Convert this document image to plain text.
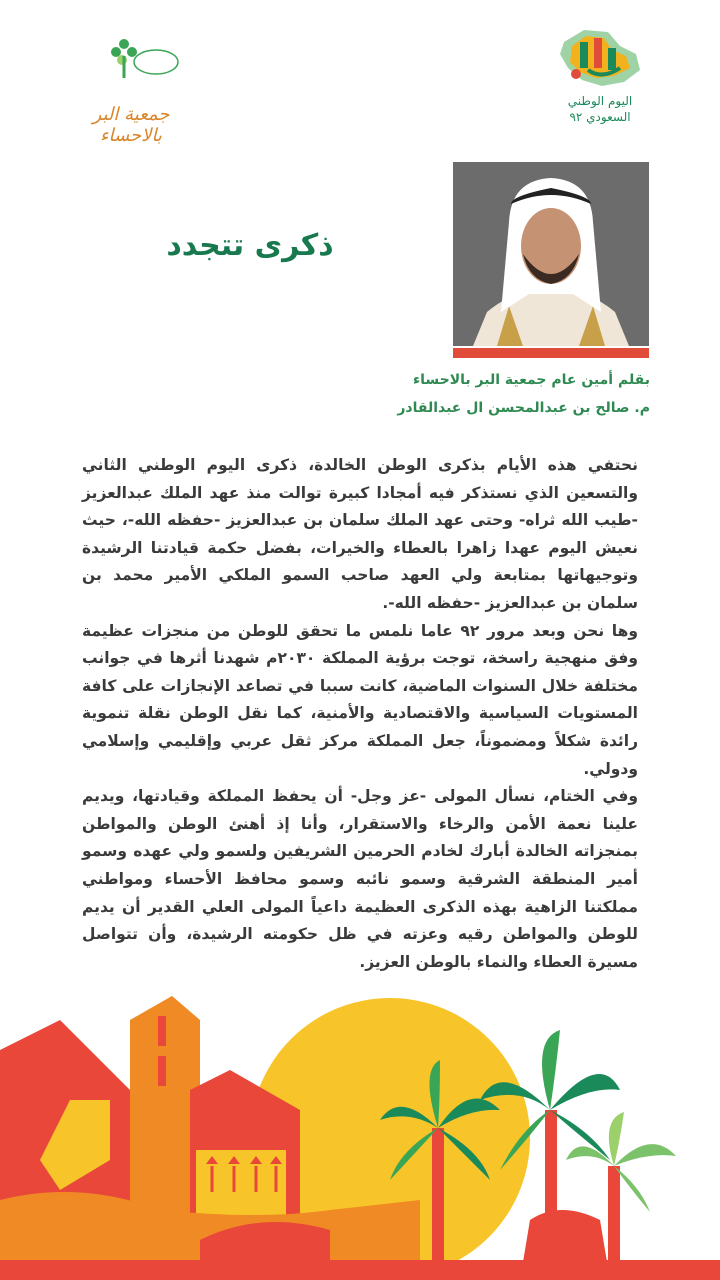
اليوم الوطني
السعودي ٩٢
جمعية البر بالاحساء
ذكرى تتجدد
بقلم أمين عام جمعية البر بالاحساء
م. صالح بن عبدالمحسن ال عبدالقادر

نحتفي هذه الأيام بذكرى الوطن الخالدة، ذكرى اليوم الوطني الثاني والتسعين الذي نستذكر فيه أمجادا كبيرة توالت منذ عهد الملك عبدالعزيز -طيب الله ثراه- وحتى عهد الملك سلمان بن عبدالعزيز -حفظه الله-، حيث نعيش اليوم عهدا زاهرا بالعطاء والخيرات، بفضل حكمة قيادتنا الرشيدة وتوجيهاتها بمتابعة ولي العهد صاحب السمو الملكي الأمير محمد بن سلمان بن عبدالعزيز -حفظه الله-.

وها نحن وبعد مرور ٩٢ عاما نلمس ما تحقق للوطن من منجزات عظيمة وفق منهجية راسخة، توجت برؤية المملكة ٢٠٣٠م شهدنا أثرها في جوانب مختلفة خلال السنوات الماضية، كانت سببا في تصاعد الإنجازات على كافة المستويات السياسية والاقتصادية والأمنية، كما نقل الوطن نقلة تنموية رائدة شكلاً ومضموناً، جعل المملكة مركز ثقل عربي وإقليمي وإسلامي ودولي.

وفي الختام، نسأل المولى -عز وجل- أن يحفظ المملكة وقيادتها، ويديم علينا نعمة الأمن والرخاء والاستقرار، وأنا إذ أهنئ الوطن والمواطن بمنجزاته الخالدة أبارك لخادم الحرمين الشريفين ولسمو ولي عهده وسمو أمير المنطقة الشرقية وسمو نائبه وسمو محافظ الأحساء ومواطني مملكتنا الزاهية بهذه الذكرى العظيمة داعياً المولى العلي القدير أن يديم للوطن والمواطن رقيه وعزته في ظل حكومته الرشيدة، وأن تتواصل مسيرة العطاء والنماء بالوطن العزيز.
